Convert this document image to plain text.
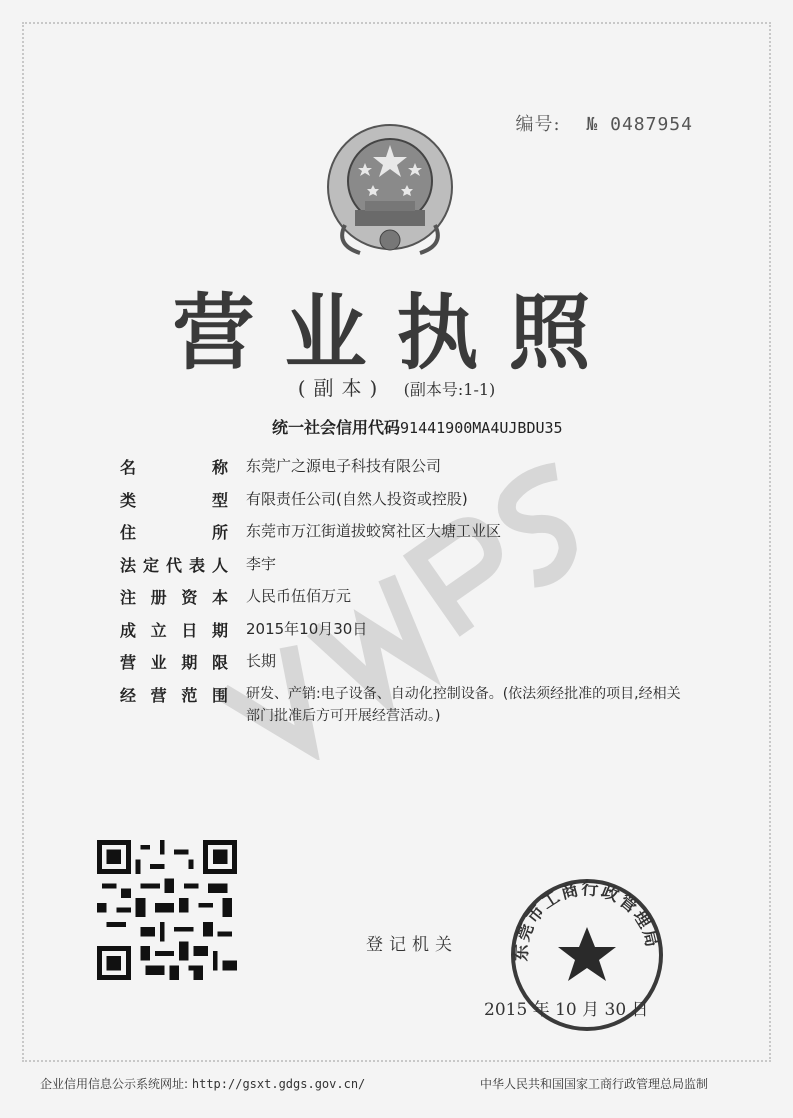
编号: № 0487954
营业执照
(副本) (副本号:1-1)
统一社会信用代码91441900MA4UJBDU35
名	称 东莞广之源电子科技有限公司
类	型 有限责任公司(自然人投资或控股)
住	所 东莞市万江街道拔蛟窝社区大塘工业区
法 定 代 表 人 李宇
注 册 资 本 人民币伍佰万元
成 立 日 期 2015年10月30日
营 业 期 限 长期
经 营 范 围 研发、产销:电子设备、自动化控制设备。(依法须经批准的项目,经相关部门批准后方可开展经营活动。)
登记机关	东莞市工商行政管理局
2015 年 10 月 30 日
企业信用信息公示系统网址: http://gsxt.gdgs.gov.cn/	中华人民共和国国家工商行政管理总局监制
